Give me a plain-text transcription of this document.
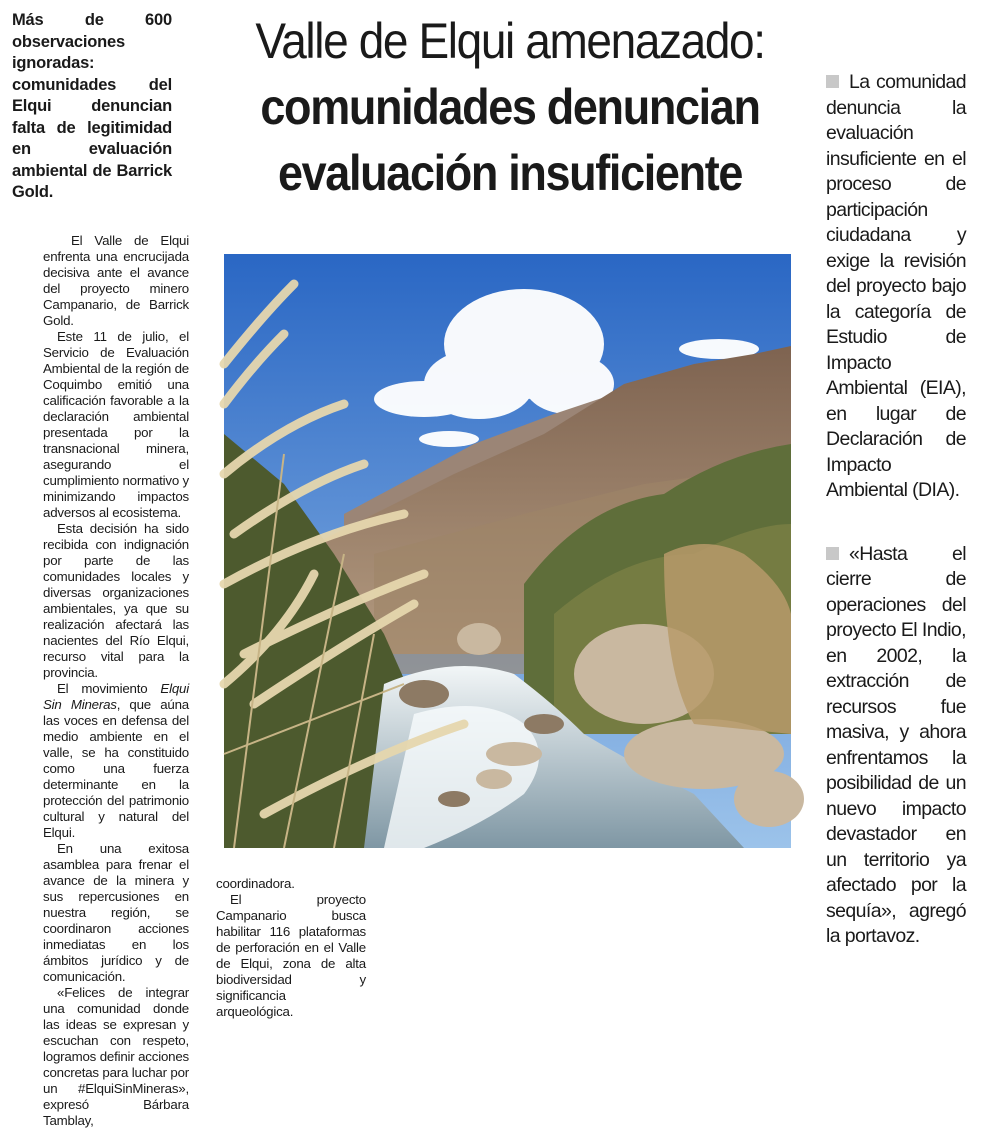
Más de 600 observaciones ignoradas: comunidades del Elqui denuncian falta de legitimidad en evaluación ambiental de Barrick Gold.
Valle de Elqui amenazado:
comunidades denuncian
evaluación insuficiente

El Valle de Elqui enfrenta una encrucijada decisiva ante el avance del proyecto minero Campanario, de Barrick Gold.

Este 11 de julio, el Servicio de Evaluación Ambiental de la región de Coquimbo emitió una calificación favorable a la declaración ambiental presentada por la transnacional minera, asegurando el cumplimiento normativo y minimizando impactos adversos al ecosistema.

Esta decisión ha sido recibida con indignación por parte de las comunidades locales y diversas organizaciones ambientales, ya que su realización afectará las nacientes del Río Elqui, recurso vital para la provincia.

El movimiento Elqui Sin Mineras, que aúna las voces en defensa del medio ambiente en el valle, se ha constituido como una fuerza determinante en la protección del patrimonio cultural y natural del Elqui.

En una exitosa asamblea para frenar el avance de la minera y sus repercusiones en nuestra región, se coordinaron acciones inmediatas en los ámbitos jurídico y de comunicación.

«Felices de integrar una comunidad donde las ideas se expresan y escuchan con respeto, logramos definir acciones concretas para luchar por un #ElquiSinMineras», expresó Bárbara Tamblay,

coordinadora.

El proyecto Campanario busca habilitar 116 plataformas de perforación en el Valle de Elqui, zona de alta biodiversidad y significancia arqueológica.

La comunidad denuncia la evaluación insuficiente en el proceso de participación ciudadana y exige la revisión del proyecto bajo la categoría de Estudio de Impacto Ambiental (EIA), en lugar de Declaración de Impacto Ambiental (DIA).

«Hasta el cierre de operaciones del proyecto El Indio, en 2002, la extracción de recursos fue masiva, y ahora enfrentamos la posibilidad de un nuevo impacto devastador en un territorio ya afectado por la sequía», agregó la portavoz.
